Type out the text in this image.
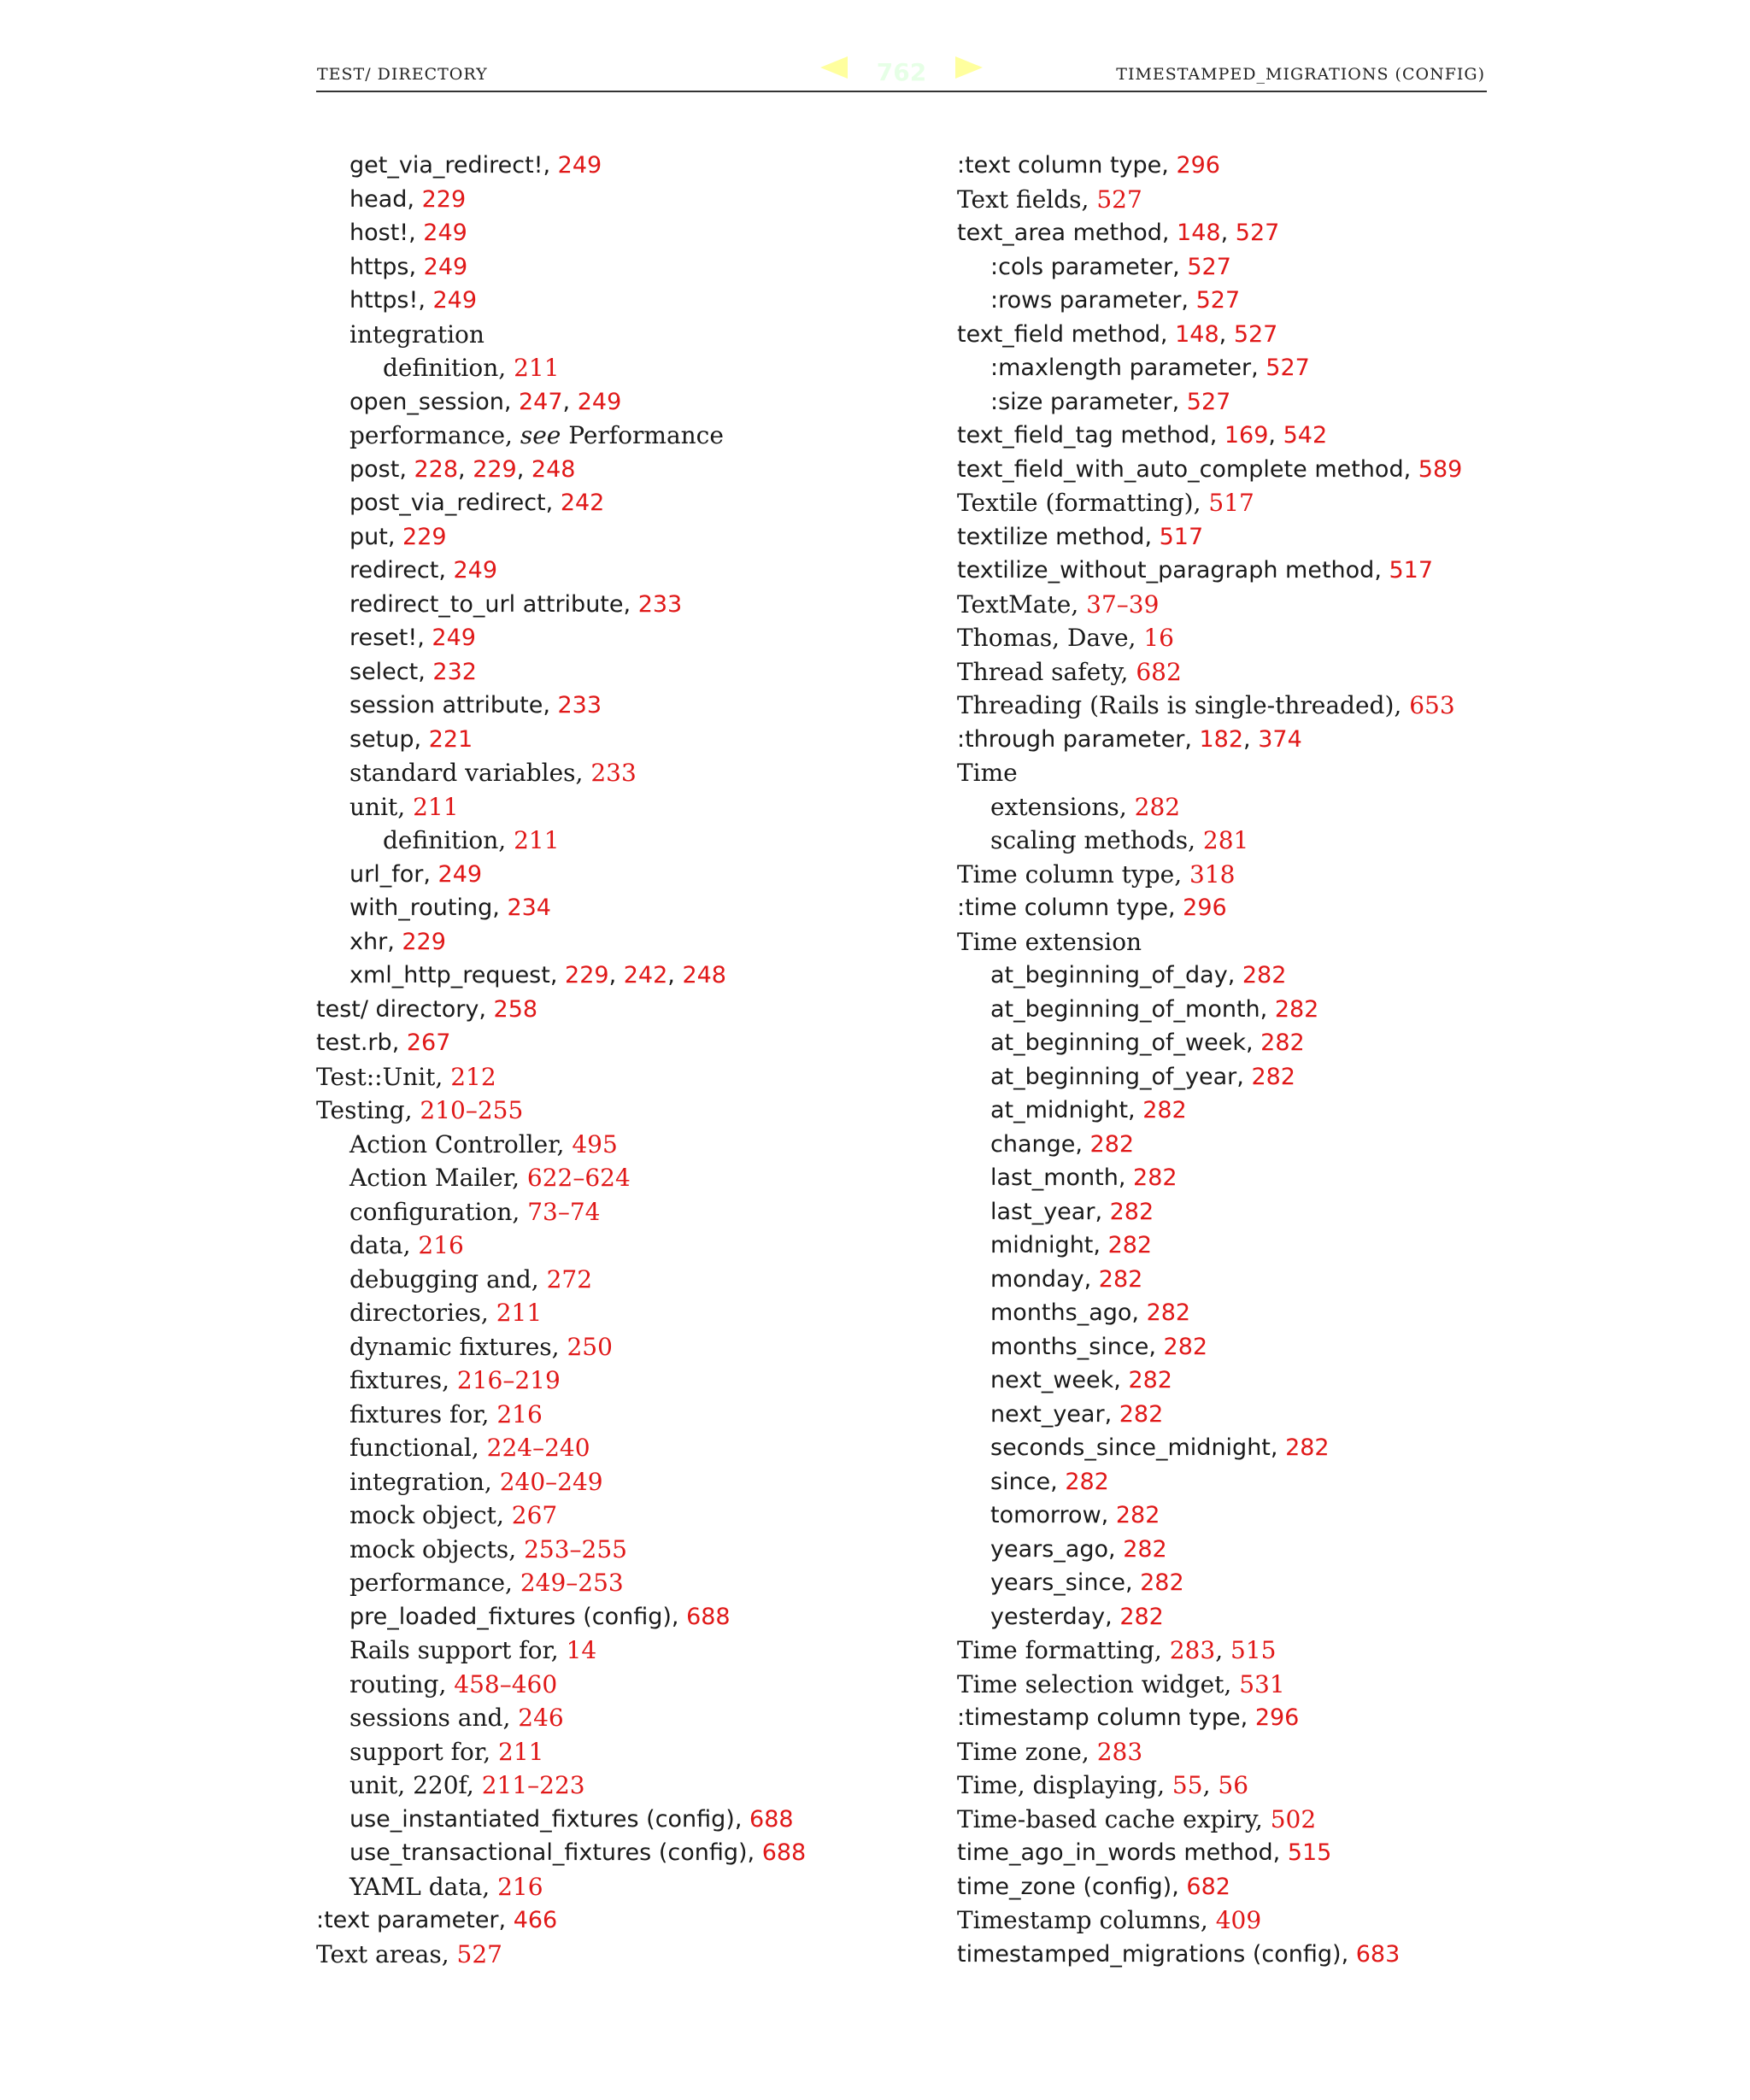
TEST/ DIRECTORY	762	TIMESTAMPED_MIGRATIONS (CONFIG)
get_via_redirect!, 249
head, 229
host!, 249
https, 249
https!, 249
integration
definition, 211
open_session, 247, 249
performance, see Performance
post, 228, 229, 248
post_via_redirect, 242
put, 229
redirect, 249
redirect_to_url attribute, 233
reset!, 249
select, 232
session attribute, 233
setup, 221
standard variables, 233
unit, 211
definition, 211
url_for, 249
with_routing, 234
xhr, 229
xml_http_request, 229, 242, 248
test/ directory, 258
test.rb, 267
Test::Unit, 212
Testing, 210–255
Action Controller, 495
Action Mailer, 622–624
configuration, 73–74
data, 216
debugging and, 272
directories, 211
dynamic fixtures, 250
fixtures, 216–219
fixtures for, 216
functional, 224–240
integration, 240–249
mock object, 267
mock objects, 253–255
performance, 249–253
pre_loaded_fixtures (config), 688
Rails support for, 14
routing, 458–460
sessions and, 246
support for, 211
unit, 220f, 211–223
use_instantiated_fixtures (config), 688
use_transactional_fixtures (config), 688
YAML data, 216
:text parameter, 466
Text areas, 527
:text column type, 296
Text fields, 527
text_area method, 148, 527
:cols parameter, 527
:rows parameter, 527
text_field method, 148, 527
:maxlength parameter, 527
:size parameter, 527
text_field_tag method, 169, 542
text_field_with_auto_complete method, 589
Textile (formatting), 517
textilize method, 517
textilize_without_paragraph method, 517
TextMate, 37–39
Thomas, Dave, 16
Thread safety, 682
Threading (Rails is single-threaded), 653
:through parameter, 182, 374
Time
extensions, 282
scaling methods, 281
Time column type, 318
:time column type, 296
Time extension
at_beginning_of_day, 282
at_beginning_of_month, 282
at_beginning_of_week, 282
at_beginning_of_year, 282
at_midnight, 282
change, 282
last_month, 282
last_year, 282
midnight, 282
monday, 282
months_ago, 282
months_since, 282
next_week, 282
next_year, 282
seconds_since_midnight, 282
since, 282
tomorrow, 282
years_ago, 282
years_since, 282
yesterday, 282
Time formatting, 283, 515
Time selection widget, 531
:timestamp column type, 296
Time zone, 283
Time, displaying, 55, 56
Time-based cache expiry, 502
time_ago_in_words method, 515
time_zone (config), 682
Timestamp columns, 409
timestamped_migrations (config), 683
